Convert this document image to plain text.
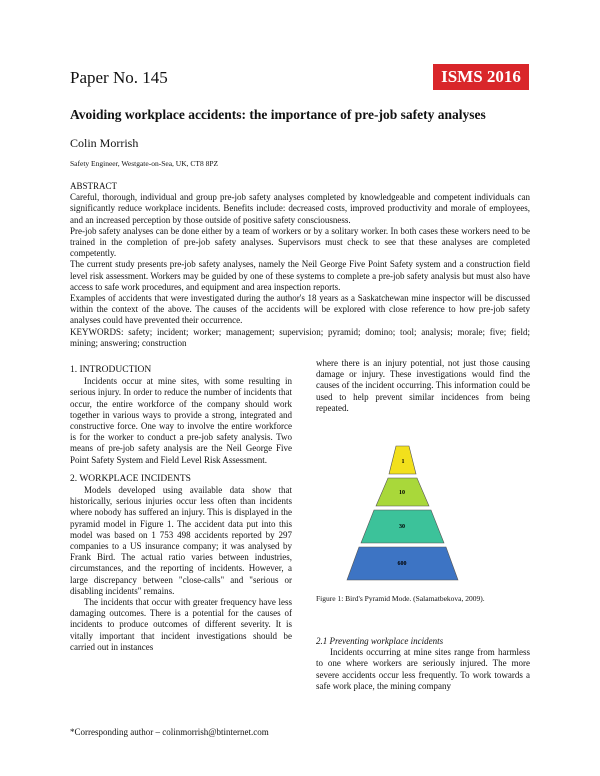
Paper No. 145	ISMS 2016
Avoiding workplace accidents: the importance of pre-job safety analyses
Colin Morrish
Safety Engineer, Westgate-on-Sea, UK, CT8 8PZ

ABSTRACT

Careful, thorough, individual and group pre-job safety analyses completed by knowledgeable and competent individuals can significantly reduce workplace incidents. Benefits include: decreased costs, improved productivity and morale of employees, and an increased perception by those outside of positive safety consciousness.

Pre-job safety analyses can be done either by a team of workers or by a solitary worker. In both cases these workers need to be trained in the completion of pre-job safety analyses. Supervisors must check to see that these analyses are completed competently.

The current study presents pre-job safety analyses, namely the Neil George Five Point Safety system and a construction field level risk assessment. Workers may be guided by one of these systems to complete a pre-job safety analysis but must also have access to safe work procedures, and equipment and area inspection reports.

Examples of accidents that were investigated during the author's 18 years as a Saskatchewan mine inspector will be discussed within the context of the above. The causes of the accidents will be explored with close reference to how pre-job safety analyses could have prevented their occurrence.

KEYWORDS: safety; incident; worker; management; supervision; pyramid; domino; tool; analysis; morale; five; field; mining; answering; construction

1. INTRODUCTION

Incidents occur at mine sites, with some resulting in serious injury. In order to reduce the number of incidents that occur, the entire workforce of the company should work together in various ways to provide a strong, integrated and constructive force. One way to involve the entire workforce is for the worker to conduct a pre-job safety analysis. Two means of pre-job safety analysis are the Neil George Five Point Safety System and Field Level Risk Assessment.

2. WORKPLACE INCIDENTS

Models developed using available data show that historically, serious injuries occur less often than incidents where nobody has suffered an injury. This is displayed in the pyramid model in Figure 1. The accident data put into this model was based on 1 753 498 accidents reported by 297 companies to a US insurance company; it was analysed by Frank Bird. The actual ratio varies between industries, circumstances, and the reporting of incidents. However, a large discrepancy between "close-calls" and "serious or disabling incidents" remains.

The incidents that occur with greater frequency have less damaging outcomes. There is a potential for the causes of incidents to produce outcomes of different severity. It is vitally important that incident investigations should be carried out in instances

where there is an injury potential, not just those causing damage or injury. These investigations would find the causes of the incident occurring. This information could be used to help prevent similar incidences from being repeated.
1
10
30
600
Figure 1: Bird's Pyramid Mode. (Salamatbekova, 2009).

2.1 Preventing workplace incidents

Incidents occurring at mine sites range from harmless to one where workers are seriously injured. The more severe accidents occur less frequently. To work towards a safe work place, the mining company

*Corresponding author – colinmorrish@btinternet.com
